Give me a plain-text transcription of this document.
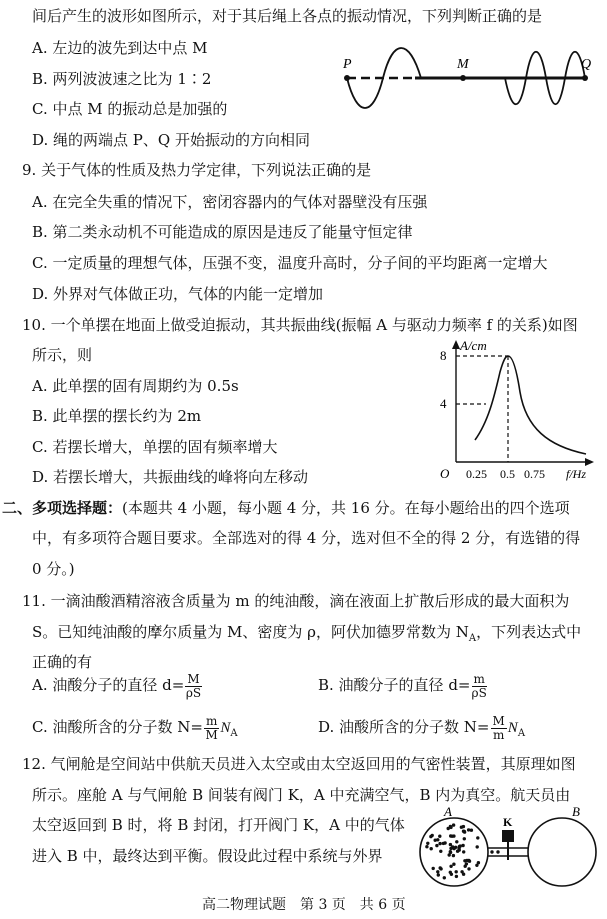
间后产生的波形如图所示，对于其后绳上各点的振动情况，下列判断正确的是
A. 左边的波先到达中点 M
B. 两列波波速之比为 1∶2
C. 中点 M 的振动总是加强的
D. 绳的两端点 P、Q 开始振动的方向相同
P	M	Q
9. 关于气体的性质及热力学定律，下列说法正确的是
A. 在完全失重的情况下，密闭容器内的气体对器壁没有压强
B. 第二类永动机不可能造成的原因是违反了能量守恒定律
C. 一定质量的理想气体，压强不变，温度升高时，分子间的平均距离一定增大
D. 外界对气体做正功，气体的内能一定增加
10. 一个单摆在地面上做受迫振动，其共振曲线(振幅 A 与驱动力频率 f 的关系)如图
所示，则
A. 此单摆的固有周期约为 0.5s
B. 此单摆的摆长约为 2m
C. 若摆长增大，单摆的固有频率增大
D. 若摆长增大，共振曲线的峰将向左移动
A/cm
8
4
O 0.25 0.5 0.75 f/Hz
二、多项选择题：(本题共 4 小题，每小题 4 分，共 16 分。在每小题给出的四个选项
中，有多项符合题目要求。全部选对的得 4 分，选对但不全的得 2 分，有选错的得
0 分。)
11. 一滴油酸酒精溶液含质量为 m 的纯油酸，滴在液面上扩散后形成的最大面积为
S。已知纯油酸的摩尔质量为 M、密度为 ρ，阿伏加德罗常数为 $N_A$，下列表达式中
正确的有
A. 油酸分子的直径 $d= \frac{M}{\rho S}$	B. 油酸分子的直径 $d= \frac{m}{\rho S}$
C. 油酸所含的分子数 $N= \frac{m}{M} N_A$	D. 油酸所含的分子数 $N= \frac{M}{m} N_A$
12. 气闸舱是空间站中供航天员进入太空或由太空返回用的气密性装置，其原理如图
所示。座舱 A 与气闸舱 B 间装有阀门 K，A 中充满空气，B 内为真空。航天员由
太空返回到 B 时，将 B 封闭，打开阀门 K，A 中的气体
进入 B 中，最终达到平衡。假设此过程中系统与外界
A
K
B
高二物理试题　第 3 页　共 6 页
